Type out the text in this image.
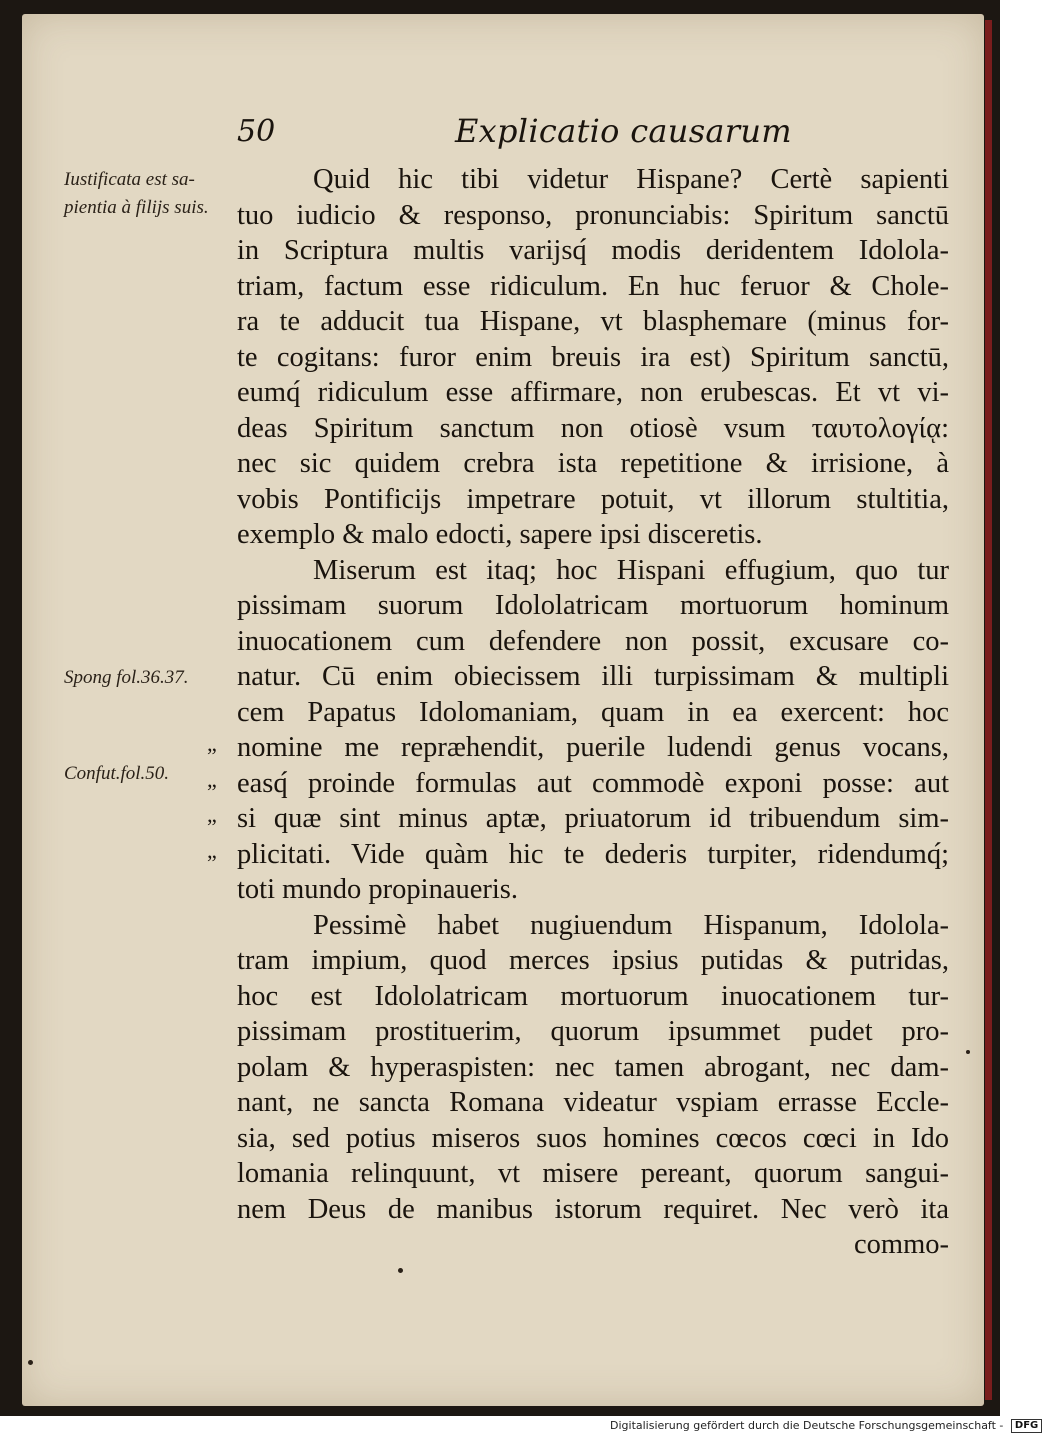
50	Explicatio causarum
Iustificata est sa-
pientia à filijs suis.
Spong fol.36.37.
Confut.fol.50.
„
„
„
„
Quid hic tibi videtur Hispane? Certè sapienti
tuo iudicio & responso, pronunciabis: Spiritum sanctū
in Scriptura multis varijsq́ modis deridentem Idolola-
triam, factum esse ridiculum. En huc feruor & Chole-
ra te adducit tua Hispane, vt blasphemare (minus for-
te cogitans: furor enim breuis ira est) Spiritum sanctū,
eumq́ ridiculum esse affirmare, non erubescas. Et vt vi-
deas Spiritum sanctum non otiosè vsum ταυτολογίᾳ:
nec sic quidem crebra ista repetitione & irrisione, à
vobis Pontificijs impetrare potuit, vt illorum stultitia,
exemplo & malo edocti, sapere ipsi disceretis.
Miserum est itaq; hoc Hispani effugium, quo tur
pissimam suorum Idololatricam mortuorum hominum
inuocationem cum defendere non possit, excusare co-
natur. Cū enim obiecissem illi turpissimam & multipli
cem Papatus Idolomaniam, quam in ea exercent: hoc
nomine me repræhendit, puerile ludendi genus vocans,
easq́ proinde formulas aut commodè exponi posse: aut
si quæ sint minus aptæ, priuatorum id tribuendum sim-
plicitati. Vide quàm hic te dederis turpiter, ridendumq́;
toti mundo propinaueris.
Pessimè habet nugiuendum Hispanum, Idolola-
tram impium, quod merces ipsius putidas & putridas,
hoc est Idololatricam mortuorum inuocationem tur-
pissimam prostituerim, quorum ipsummet pudet pro-
polam & hyperaspisten: nec tamen abrogant, nec dam-
nant, ne sancta Romana videatur vspiam errasse Eccle-
sia, sed potius miseros suos homines cœcos cœci in Ido
lomania relinquunt, vt misere pereant, quorum sangui-
nem Deus de manibus istorum requiret. Nec verò ita
commo-
Digitalisierung gefördert durch die Deutsche Forschungsgemeinschaft - DFG
